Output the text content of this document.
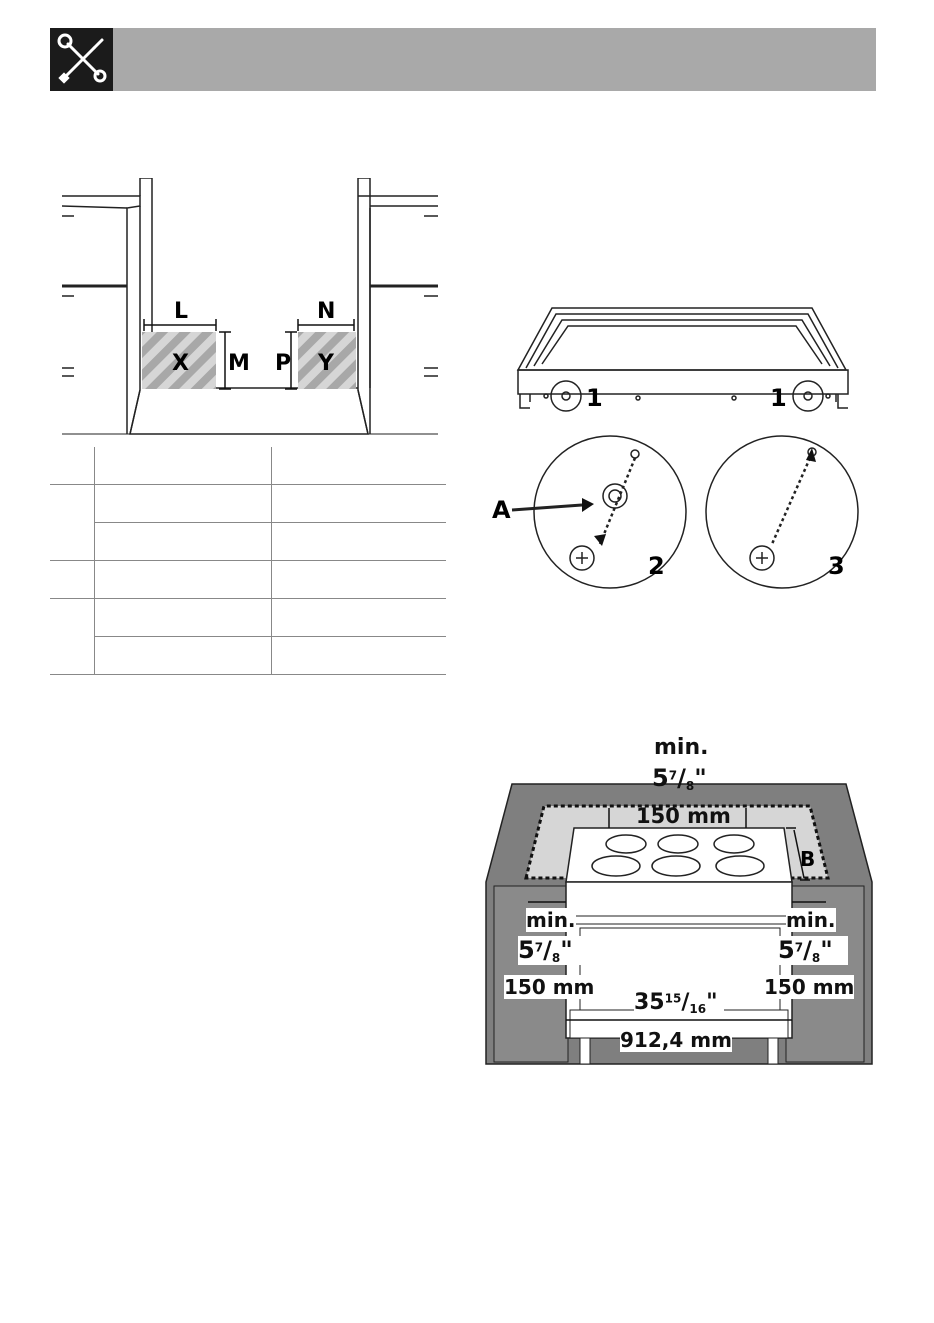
L	N
X	Y
M P

1	1
A
2	3
B
min.
$5^7/_8$"
150 mm
min.
$5^7/_8$"
150 mm
min.
$5^7/_8$"
150 mm
$35^{15}/_{16}$"
912,4 mm
